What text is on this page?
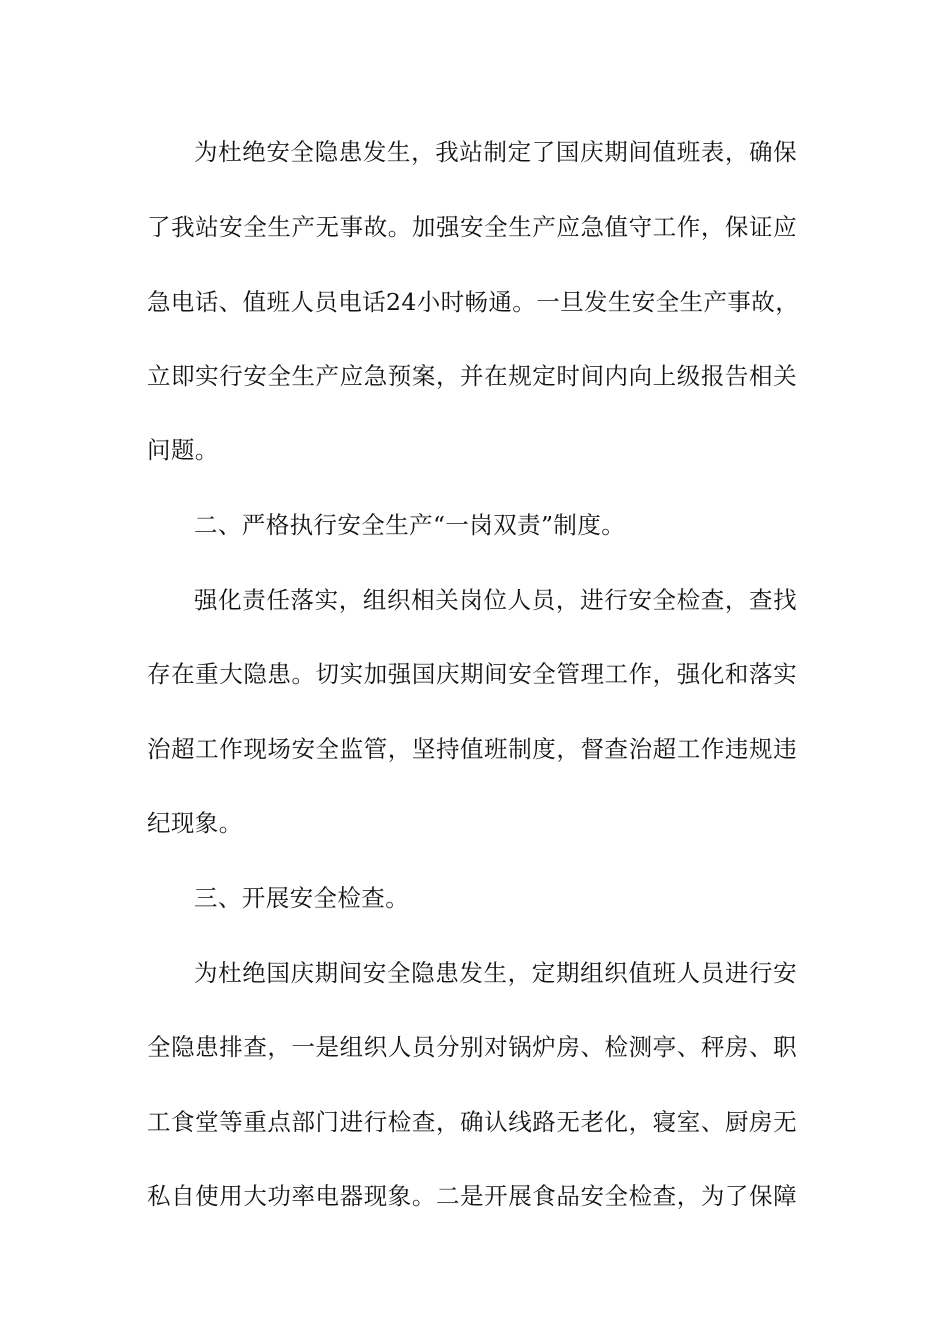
为杜绝安全隐患发生，我站制定了国庆期间值班表，确保
了我站安全生产无事故。加强安全生产应急值守工作，保证应
急电话、值班人员电话24小时畅通。一旦发生安全生产事故，
立即实行安全生产应急预案，并在规定时间内向上级报告相关
问题。
二、严格执行安全生产“一岗双责”制度。
强化责任落实，组织相关岗位人员，进行安全检查，查找
存在重大隐患。切实加强国庆期间安全管理工作，强化和落实
治超工作现场安全监管，坚持值班制度，督查治超工作违规违
纪现象。
三、开展安全检查。
为杜绝国庆期间安全隐患发生，定期组织值班人员进行安
全隐患排查，一是组织人员分别对锅炉房、检测亭、秤房、职
工食堂等重点部门进行检查，确认线路无老化，寝室、厨房无
私自使用大功率电器现象。二是开展食品安全检查，为了保障
